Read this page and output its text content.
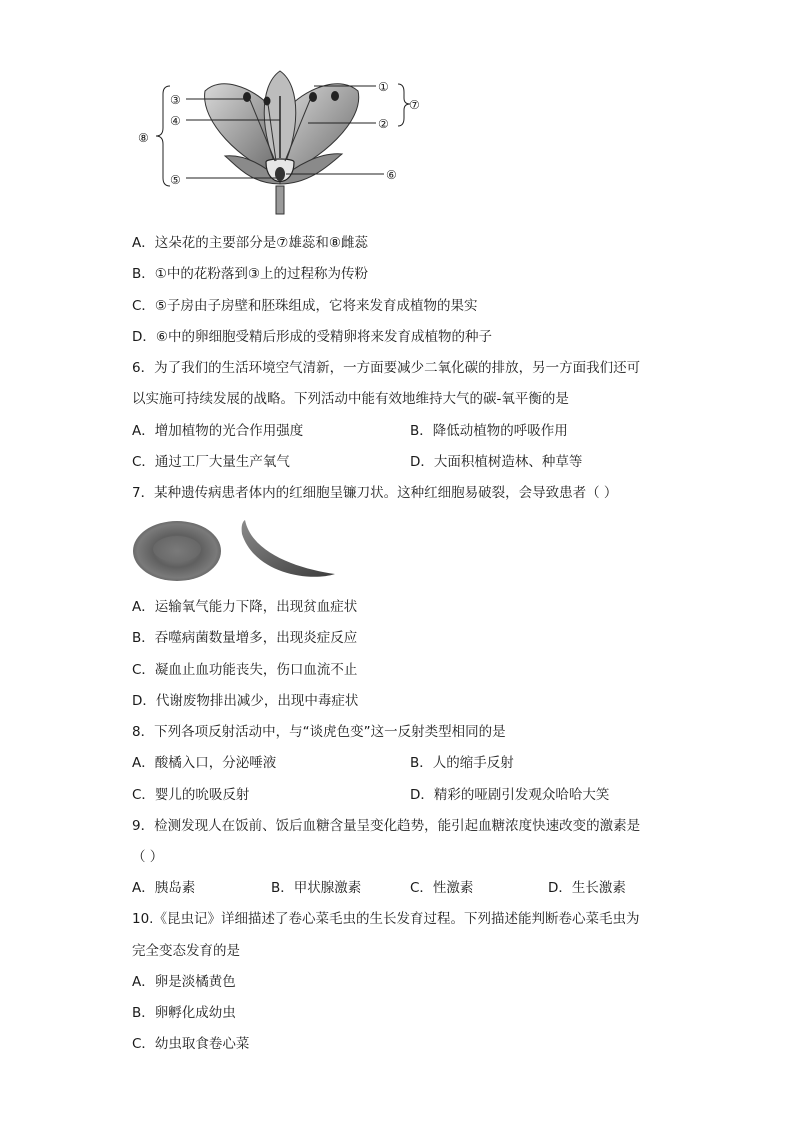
③
④
⑤
⑧
①
②
⑥
⑦
A．这朵花的主要部分是⑦雄蕊和⑧雌蕊
B．①中的花粉落到③上的过程称为传粉
C．⑤子房由子房壁和胚珠组成，它将来发育成植物的果实
D．⑥中的卵细胞受精后形成的受精卵将来发育成植物的种子
6．为了我们的生活环境空气清新，一方面要减少二氧化碳的排放，另一方面我们还可
以实施可持续发展的战略。下列活动中能有效地维持大气的碳-氧平衡的是
A．增加植物的光合作用强度	B．降低动植物的呼吸作用
C．通过工厂大量生产氧气	D．大面积植树造林、种草等
7．某种遗传病患者体内的红细胞呈镰刀状。这种红细胞易破裂，会导致患者（ ）
A．运输氧气能力下降，出现贫血症状
B．吞噬病菌数量增多，出现炎症反应
C．凝血止血功能丧失，伤口血流不止
D．代谢废物排出减少，出现中毒症状
8．下列各项反射活动中，与“谈虎色变”这一反射类型相同的是
A．酸橘入口，分泌唾液	B．人的缩手反射
C．婴儿的吮吸反射	D．精彩的哑剧引发观众哈哈大笑
9．检测发现人在饭前、饭后血糖含量呈变化趋势，能引起血糖浓度快速改变的激素是
（ ）
A．胰岛素	B．甲状腺激素	C．性激素	D．生长激素
10.《昆虫记》详细描述了卷心菜毛虫的生长发育过程。下列描述能判断卷心菜毛虫为
完全变态发育的是
A．卵是淡橘黄色
B．卵孵化成幼虫
C．幼虫取食卷心菜
